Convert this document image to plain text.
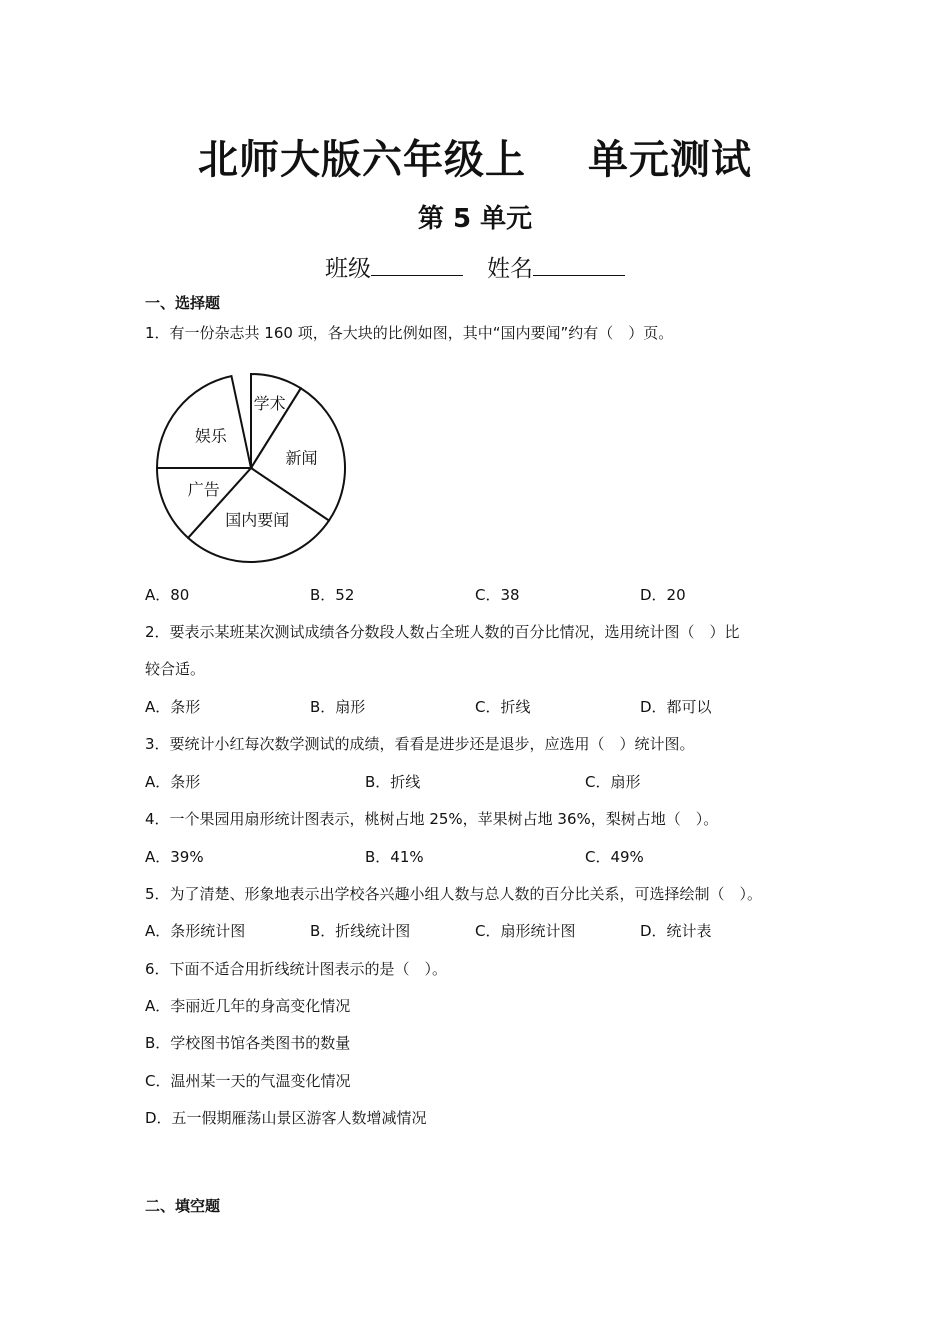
北师大版六年级上 单元测试
第 5 单元
班级	姓名
一、选择题
1．有一份杂志共 160 项，各大块的比例如图，其中“国内要闻”约有（　）页。
学术
新闻
国内要闻
广告
娱乐
A．80	B．52	C．38	D．20
2．要表示某班某次测试成绩各分数段人数占全班人数的百分比情况，选用统计图（　）比
较合适。
A．条形	B．扇形	C．折线	D．都可以
3．要统计小红每次数学测试的成绩，看看是进步还是退步，应选用（　）统计图。
A．条形	B．折线	C．扇形
4．一个果园用扇形统计图表示，桃树占地 25%，苹果树占地 36%，梨树占地（　）。
A．39%	B．41%	C．49%
5．为了清楚、形象地表示出学校各兴趣小组人数与总人数的百分比关系，可选择绘制（　）。
A．条形统计图	B．折线统计图	C．扇形统计图	D．统计表
6．下面不适合用折线统计图表示的是（　）。
A．李丽近几年的身高变化情况
B．学校图书馆各类图书的数量
C．温州某一天的气温变化情况
D．五一假期雁荡山景区游客人数增减情况
二、填空题
